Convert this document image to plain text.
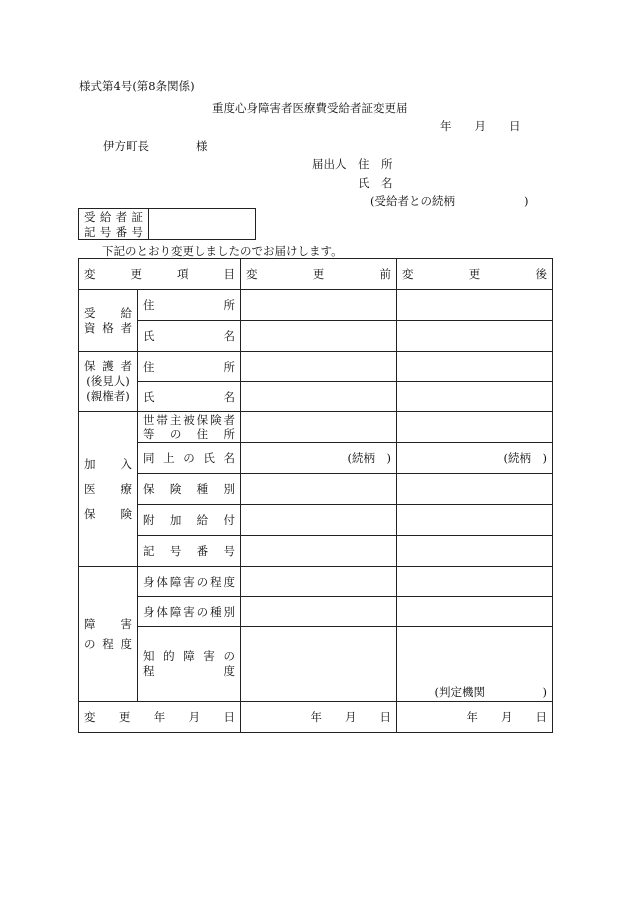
様式第4号(第8条関係)
重度心身障害者医療費受給者証変更届
年　　月　　日
伊方町長	様
届出人 住　所
氏　名
(受給者との続柄　　　　　　)
受給者証
記号番号
下記のとおり変更しましたのでお届けします。
変更項目		変更前	変更後

受　給
資格者	住所		

	氏名		

保護者
(後見人)
(親権者)	住所		

	氏名		

加入
医療
保険	世帯主被保険者
等の住所		

	同上の氏名	(続柄　)	(続柄　)

	保険種別		

	附加給付		

	記号番号		

障　害
の程度	身体障害の程度		

	身体障害の種別		

	知的障害の
程度		(判定機関　　　　　)

変更年月日		年　　月　　日	年　　月　　日
